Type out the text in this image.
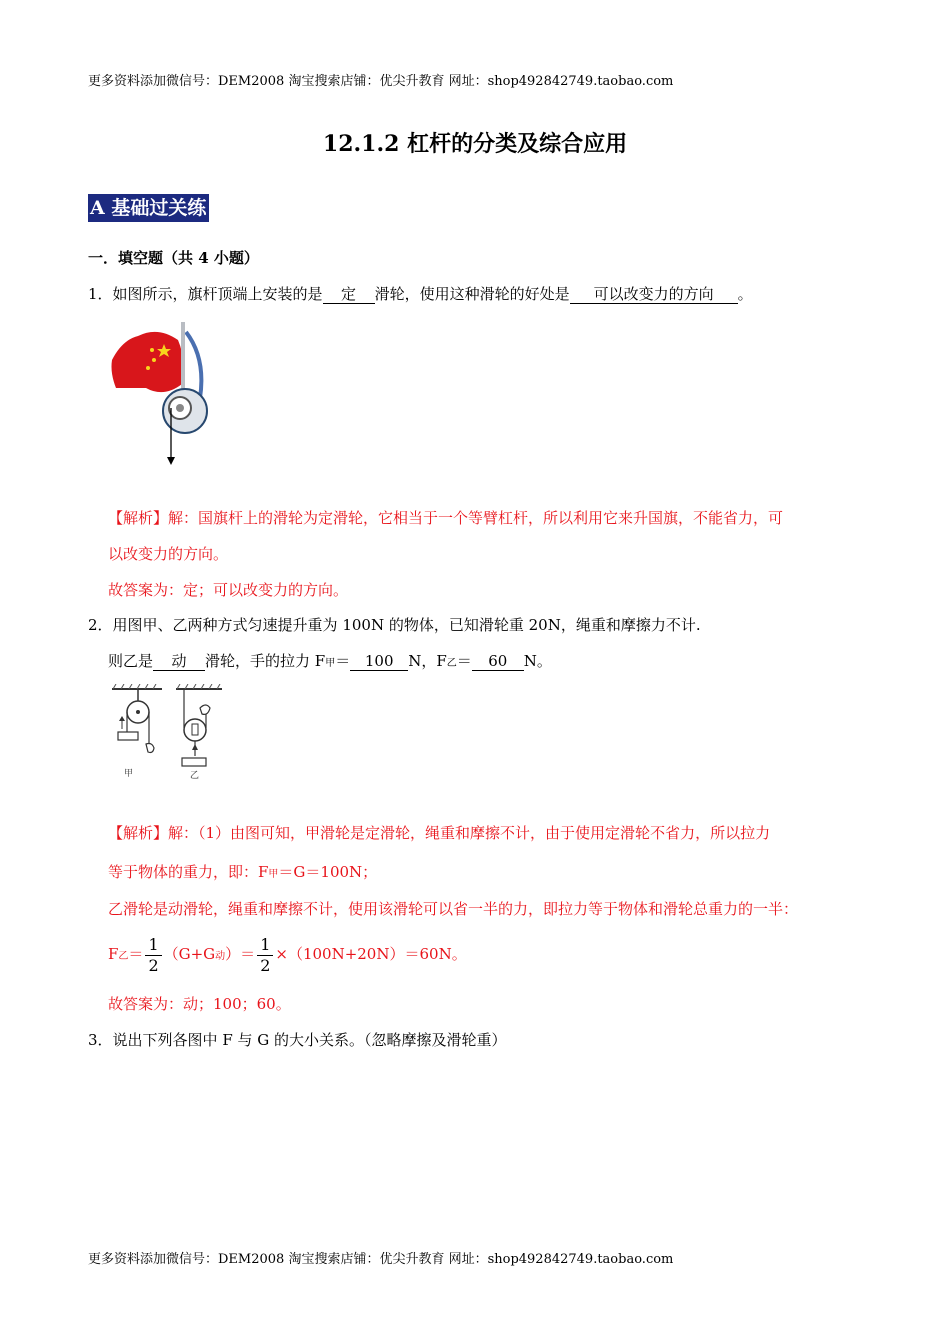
更多资料添加微信号：DEM2008 淘宝搜索店铺：优尖升教育 网址：shop492842749.taobao.com
12.1.2 杠杆的分类及综合应用
A 基础过关练
一．填空题（共 4 小题）
1．如图所示，旗杆顶端上安装的是 定 滑轮，使用这种滑轮的好处是 可以改变力的方向 。
【解析】解：国旗杆上的滑轮为定滑轮，它相当于一个等臂杠杆，所以利用它来升国旗，不能省力，可
以改变力的方向。
故答案为：定；可以改变力的方向。
2．用图甲、乙两种方式匀速提升重为 100N 的物体，已知滑轮重 20N，绳重和摩擦力不计.
则乙是 动 滑轮，手的拉力 F甲＝ 100 N，F乙＝ 60 N。
甲	乙
【解析】解：（1）由图可知，甲滑轮是定滑轮，绳重和摩擦不计，由于使用定滑轮不省力，所以拉力
等于物体的重力，即：F甲＝G＝100N；
乙滑轮是动滑轮，绳重和摩擦不计，使用该滑轮可以省一半的力，即拉力等于物体和滑轮总重力的一半：
F乙＝ $\frac{1}{2} (G+G$动）＝ $\frac{1}{2} \times(100N+20N)=60N$。
故答案为：动；100；60。
3．说出下列各图中 F 与 G 的大小关系。（忽略摩擦及滑轮重）
更多资料添加微信号：DEM2008 淘宝搜索店铺：优尖升教育 网址：shop492842749.taobao.com
